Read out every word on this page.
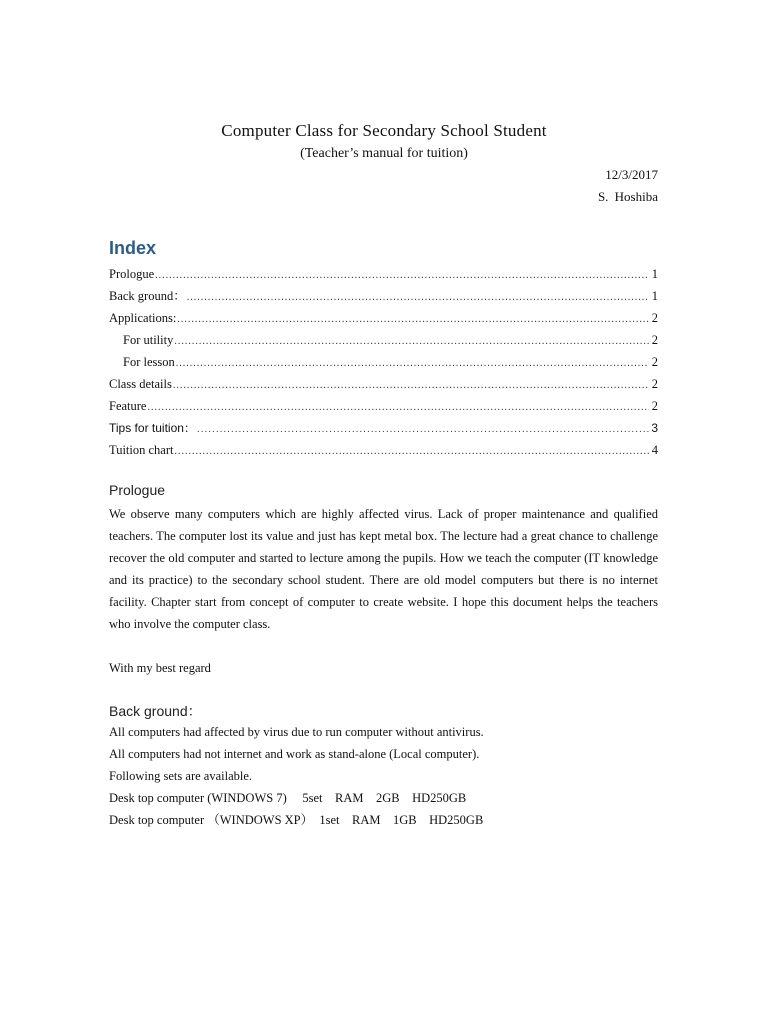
Computer Class for Secondary School Student
(Teacher’s manual for tuition)
12/3/2017
S. Hoshiba
Index
Prologue .....	1
Back ground： .....	1
Applications: .....	2
For utility .....	2
For lesson .....	2
Class details .....	2
Feature .....	2
Tips for tuition： .....	3
Tuition chart .....	4
Prologue

We observe many computers which are highly affected virus. Lack of proper maintenance and qualified teachers. The computer lost its value and just has kept metal box. The lecture had a great chance to challenge recover the old computer and started to lecture among the pupils. How we teach the computer (IT knowledge and its practice) to the secondary school student. There are old model computers but there is no internet facility. Chapter start from concept of computer to create website. I hope this document helps the teachers who involve the computer class.

With my best regard
Back ground：
All computers had affected by virus due to run computer without antivirus.
All computers had not internet and work as stand-alone (Local computer).
Following sets are available.
Desk top computer (WINDOWS 7)     5set    RAM    2GB    HD250GB
Desk top computer （WINDOWS XP）  1set    RAM    1GB    HD250GB
